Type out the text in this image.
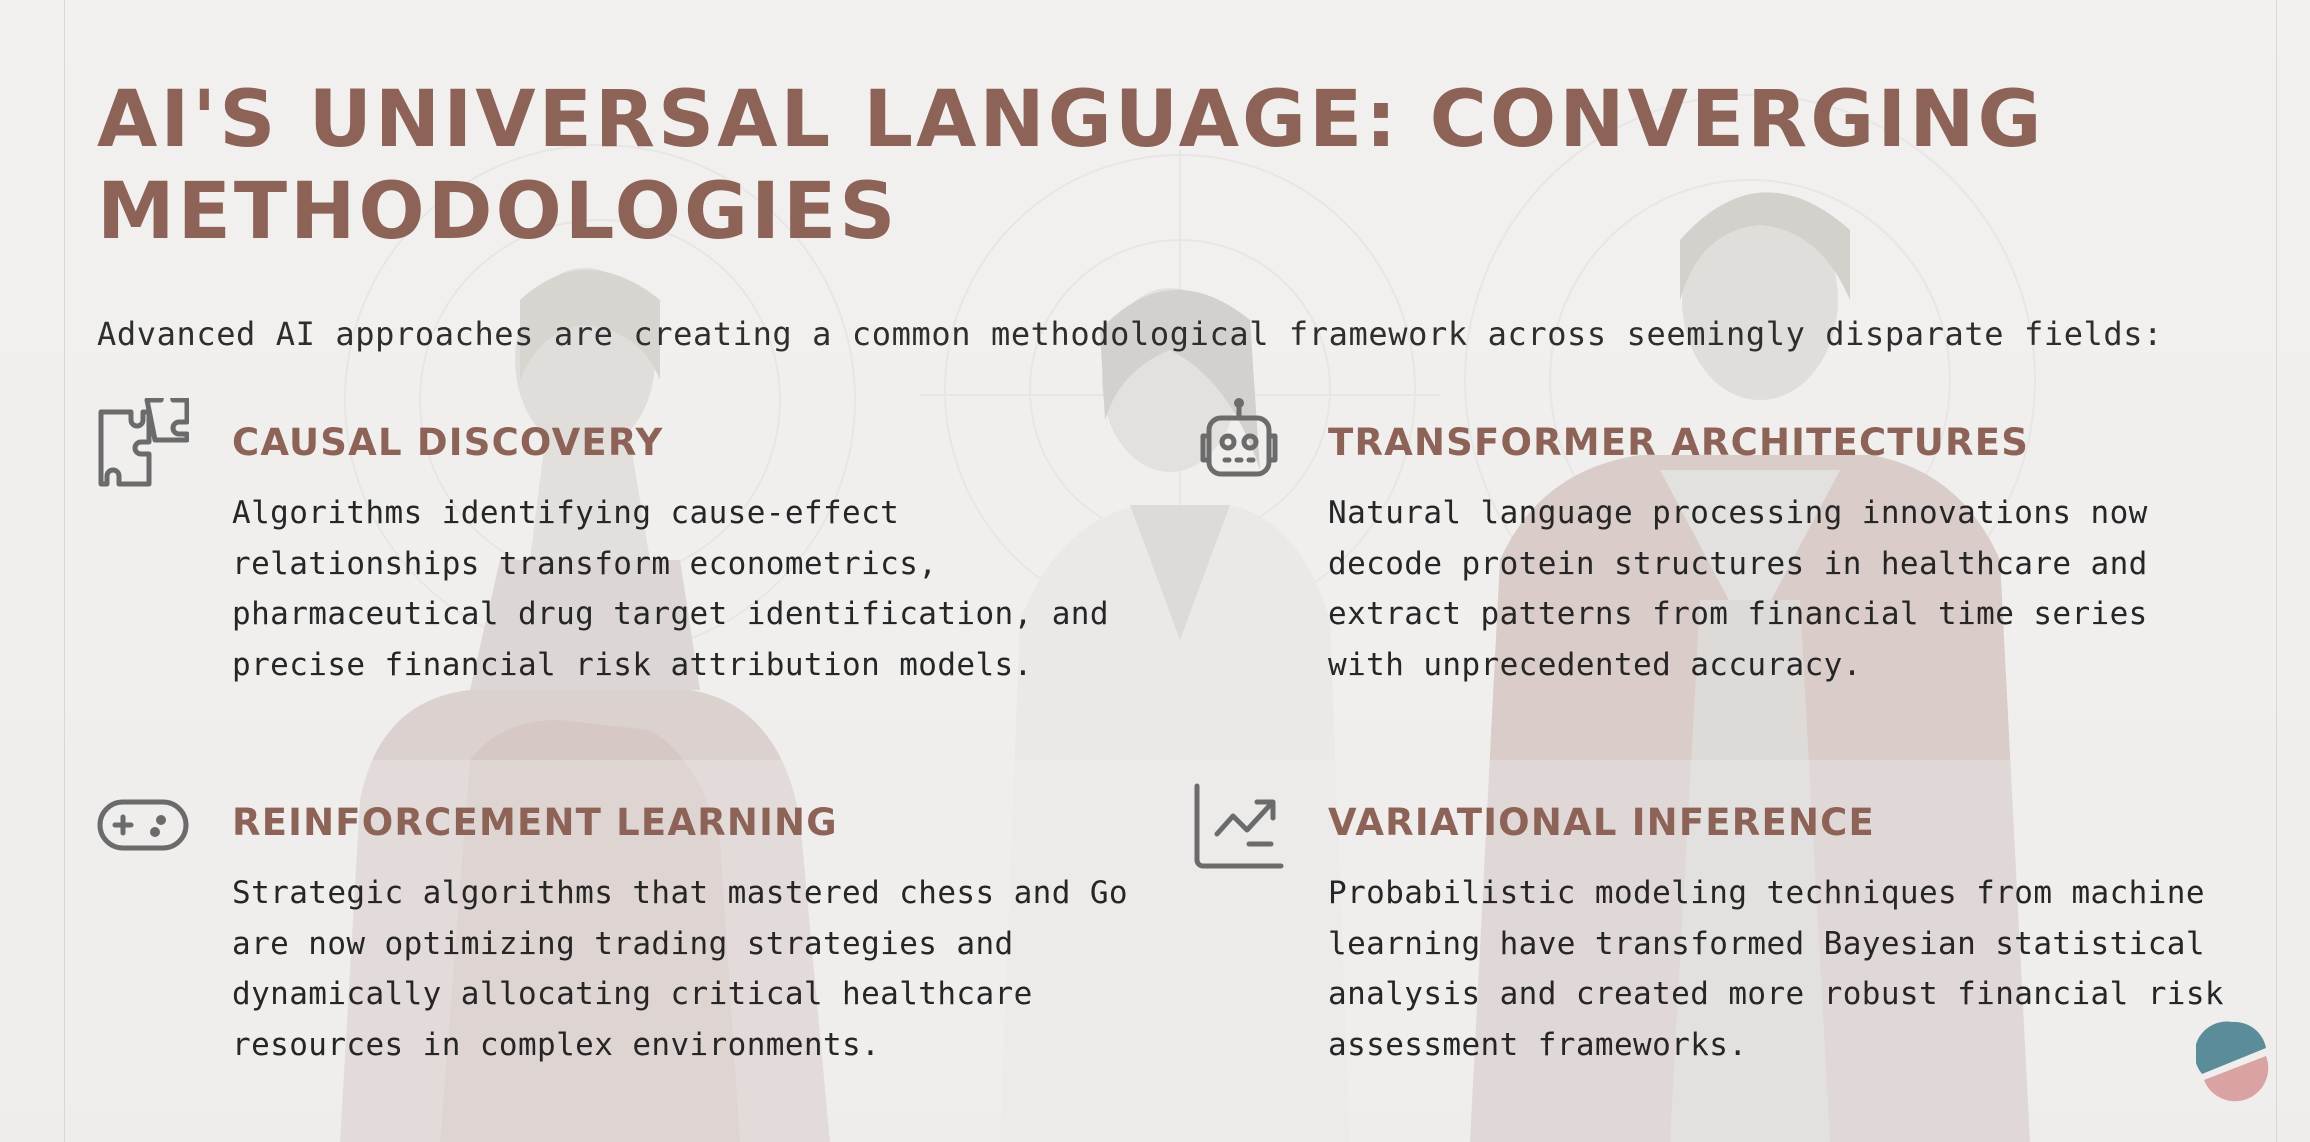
AI'S UNIVERSAL LANGUAGE: CONVERGING METHODOLOGIES

Advanced AI approaches are creating a common methodological framework across seemingly disparate fields:

CAUSAL DISCOVERY

Algorithms identifying cause-effect relationships transform econometrics, pharmaceutical drug target identification, and precise financial risk attribution models.

TRANSFORMER ARCHITECTURES

Natural language processing innovations now decode protein structures in healthcare and extract patterns from financial time series with unprecedented accuracy.

REINFORCEMENT LEARNING

Strategic algorithms that mastered chess and Go are now optimizing trading strategies and dynamically allocating critical healthcare resources in complex environments.

VARIATIONAL INFERENCE

Probabilistic modeling techniques from machine learning have transformed Bayesian statistical analysis and created more robust financial risk assessment frameworks.
